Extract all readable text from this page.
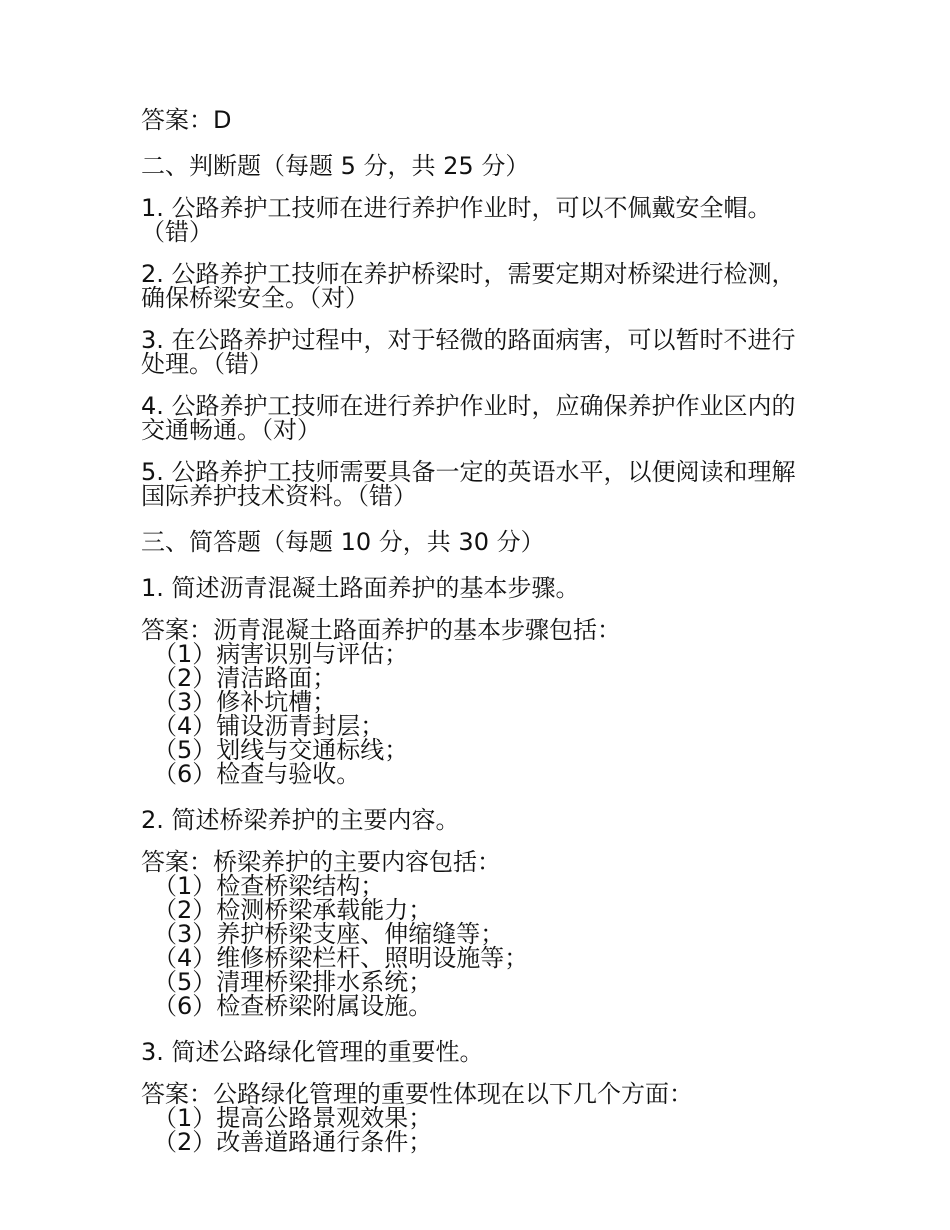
答案：D

二、判断题（每题 5 分，共 25 分）

1. 公路养护工技师在进行养护作业时，可以不佩戴安全帽。（错）

2. 公路养护工技师在养护桥梁时，需要定期对桥梁进行检测，确保桥梁安全。（对）

3. 在公路养护过程中，对于轻微的路面病害，可以暂时不进行处理。（错）

4. 公路养护工技师在进行养护作业时，应确保养护作业区内的交通畅通。（对）

5. 公路养护工技师需要具备一定的英语水平，以便阅读和理解国际养护技术资料。（错）

三、简答题（每题 10 分，共 30 分）

1. 简述沥青混凝土路面养护的基本步骤。

答案：沥青混凝土路面养护的基本步骤包括：
（1）病害识别与评估；
（2）清洁路面；
（3）修补坑槽；
（4）铺设沥青封层；
（5）划线与交通标线；
（6）检查与验收。

2. 简述桥梁养护的主要内容。

答案：桥梁养护的主要内容包括：
（1）检查桥梁结构；
（2）检测桥梁承载能力；
（3）养护桥梁支座、伸缩缝等；
（4）维修桥梁栏杆、照明设施等；
（5）清理桥梁排水系统；
（6）检查桥梁附属设施。

3. 简述公路绿化管理的重要性。

答案：公路绿化管理的重要性体现在以下几个方面：
（1）提高公路景观效果；
（2）改善道路通行条件；
